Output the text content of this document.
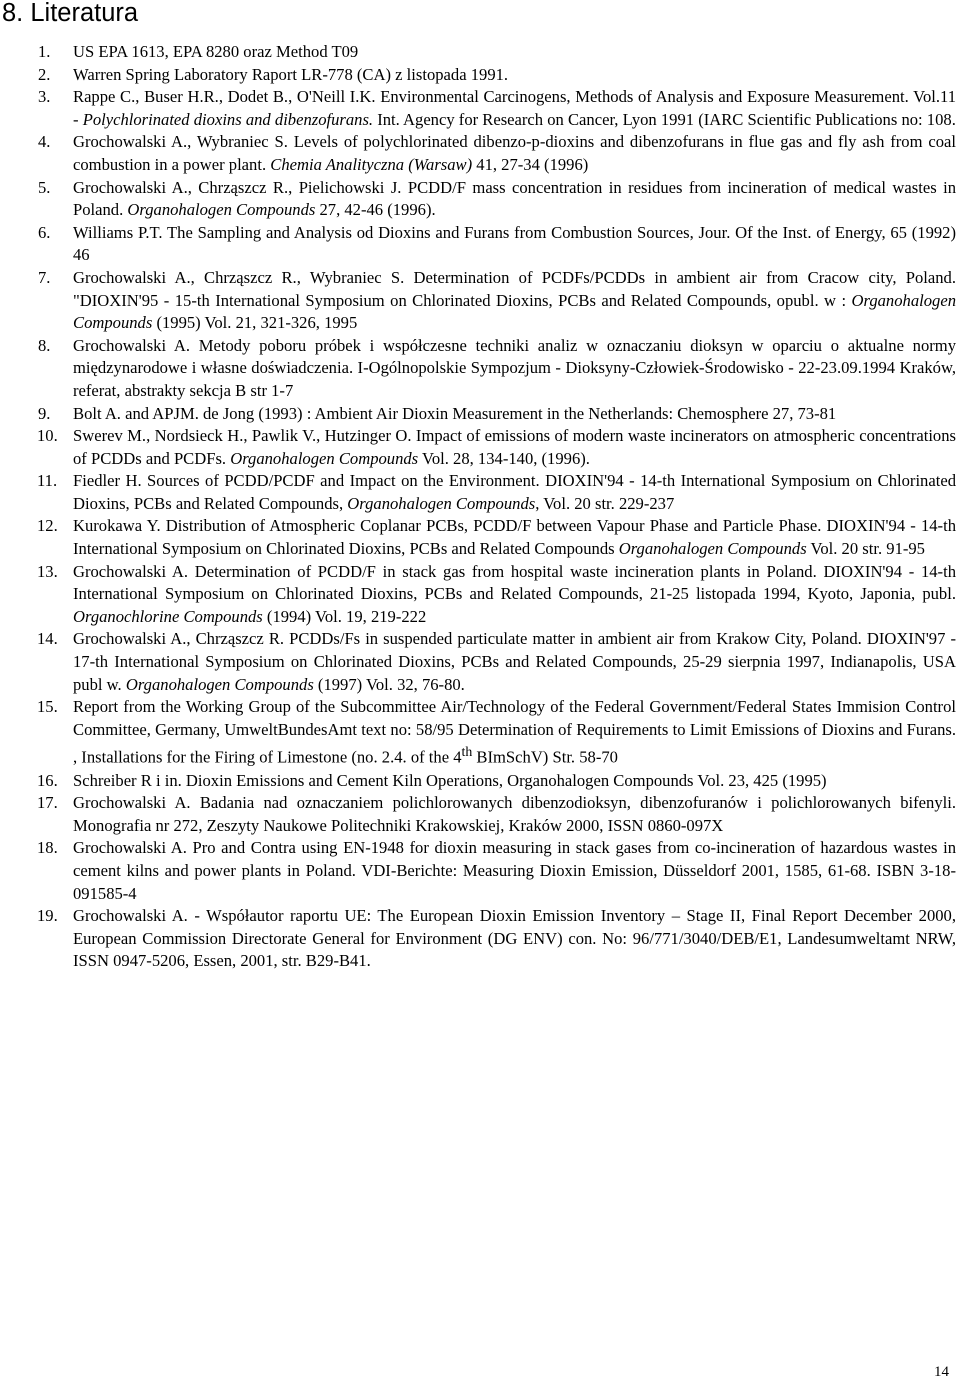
8. Literatura
1.	US EPA 1613, EPA 8280 oraz Method T09
2.	Warren Spring Laboratory Raport LR-778 (CA) z listopada 1991.
3.	Rappe C., Buser H.R., Dodet B., O'Neill I.K. Environmental Carcinogens, Methods of Analysis and Exposure Measurement. Vol.11 - Polychlorinated dioxins and dibenzofurans. Int. Agency for Research on Cancer, Lyon 1991 (IARC Scientific Publications no: 108.
4.	Grochowalski A., Wybraniec S. Levels of polychlorinated dibenzo-p-dioxins and dibenzofurans in flue gas and fly ash from coal combustion in a power plant. Chemia Analityczna (Warsaw) 41, 27-34 (1996)
5.	Grochowalski A., Chrząszcz R., Pielichowski J. PCDD/F mass concentration in residues from incineration of medical wastes in Poland. Organohalogen Compounds 27, 42-46 (1996).
6.	Williams P.T. The Sampling and Analysis od Dioxins and Furans from Combustion Sources, Jour. Of the Inst. of Energy, 65 (1992) 46
7.	Grochowalski A., Chrząszcz R., Wybraniec S. Determination of PCDFs/PCDDs in ambient air from Cracow city, Poland. "DIOXIN'95 - 15-th International Symposium on Chlorinated Dioxins, PCBs and Related Compounds, opubl. w : Organohalogen Compounds (1995) Vol. 21, 321-326, 1995
8.	Grochowalski A. Metody poboru próbek i współczesne techniki analiz w oznaczaniu dioksyn w oparciu o aktualne normy międzynarodowe i własne doświadczenia. I-Ogólnopolskie Sympozjum - Dioksyny-Człowiek-Środowisko - 22-23.09.1994 Kraków, referat, abstrakty sekcja B str 1-7
9.	Bolt A. and APJM. de Jong (1993) : Ambient Air Dioxin Measurement in the Netherlands: Chemosphere 27, 73-81
10. Swerev M., Nordsieck H., Pawlik V., Hutzinger O. Impact of emissions of modern waste incinerators on atmospheric concentrations of PCDDs and PCDFs. Organohalogen Compounds Vol. 28, 134-140, (1996).
11. Fiedler H. Sources of PCDD/PCDF and Impact on the Environment. DIOXIN'94 - 14-th International Symposium on Chlorinated Dioxins, PCBs and Related Compounds, Organohalogen Compounds, Vol. 20 str. 229-237
12. Kurokawa Y. Distribution of Atmospheric Coplanar PCBs, PCDD/F between Vapour Phase and Particle Phase. DIOXIN'94 - 14-th International Symposium on Chlorinated Dioxins, PCBs and Related Compounds Organohalogen Compounds Vol. 20 str. 91-95
13. Grochowalski A. Determination of PCDD/F in stack gas from hospital waste incineration plants in Poland. DIOXIN'94 - 14-th International Symposium on Chlorinated Dioxins, PCBs and Related Compounds, 21-25 listopada 1994, Kyoto, Japonia, publ. Organochlorine Compounds (1994) Vol. 19, 219-222
14. Grochowalski A., Chrząszcz R. PCDDs/Fs in suspended particulate matter in ambient air from Krakow City, Poland. DIOXIN'97 - 17-th International Symposium on Chlorinated Dioxins, PCBs and Related Compounds, 25-29 sierpnia 1997, Indianapolis, USA publ w. Organohalogen Compounds (1997) Vol. 32, 76-80.
15. Report from the Working Group of the Subcommittee Air/Technology of the Federal Government/Federal States Immision Control Committee, Germany, UmweltBundesAmt text no: 58/95 Determination of Requirements to Limit Emissions of Dioxins and Furans. , Installations for the Firing of Limestone (no. 2.4. of the 4th BImSchV) Str. 58-70
16. Schreiber R i in. Dioxin Emissions and Cement Kiln Operations, Organohalogen Compounds Vol. 23, 425 (1995)
17. Grochowalski A. Badania nad oznaczaniem polichlorowanych dibenzodioksyn, dibenzofuranów i polichlorowanych bifenyli. Monografia nr 272, Zeszyty Naukowe Politechniki Krakowskiej, Kraków 2000, ISSN 0860-097X
18. Grochowalski A. Pro and Contra using EN-1948 for dioxin measuring in stack gases from co-incineration of hazardous wastes in cement kilns and power plants in Poland. VDI-Berichte: Measuring Dioxin Emission, Düsseldorf 2001, 1585, 61-68. ISBN 3-18-091585-4
19. Grochowalski A. - Współautor raportu UE: The European Dioxin Emission Inventory – Stage II, Final Report December 2000, European Commission Directorate General for Environment (DG ENV) con. No: 96/771/3040/DEB/E1, Landesumweltamt NRW, ISSN 0947-5206, Essen, 2001, str. B29-B41.
14
